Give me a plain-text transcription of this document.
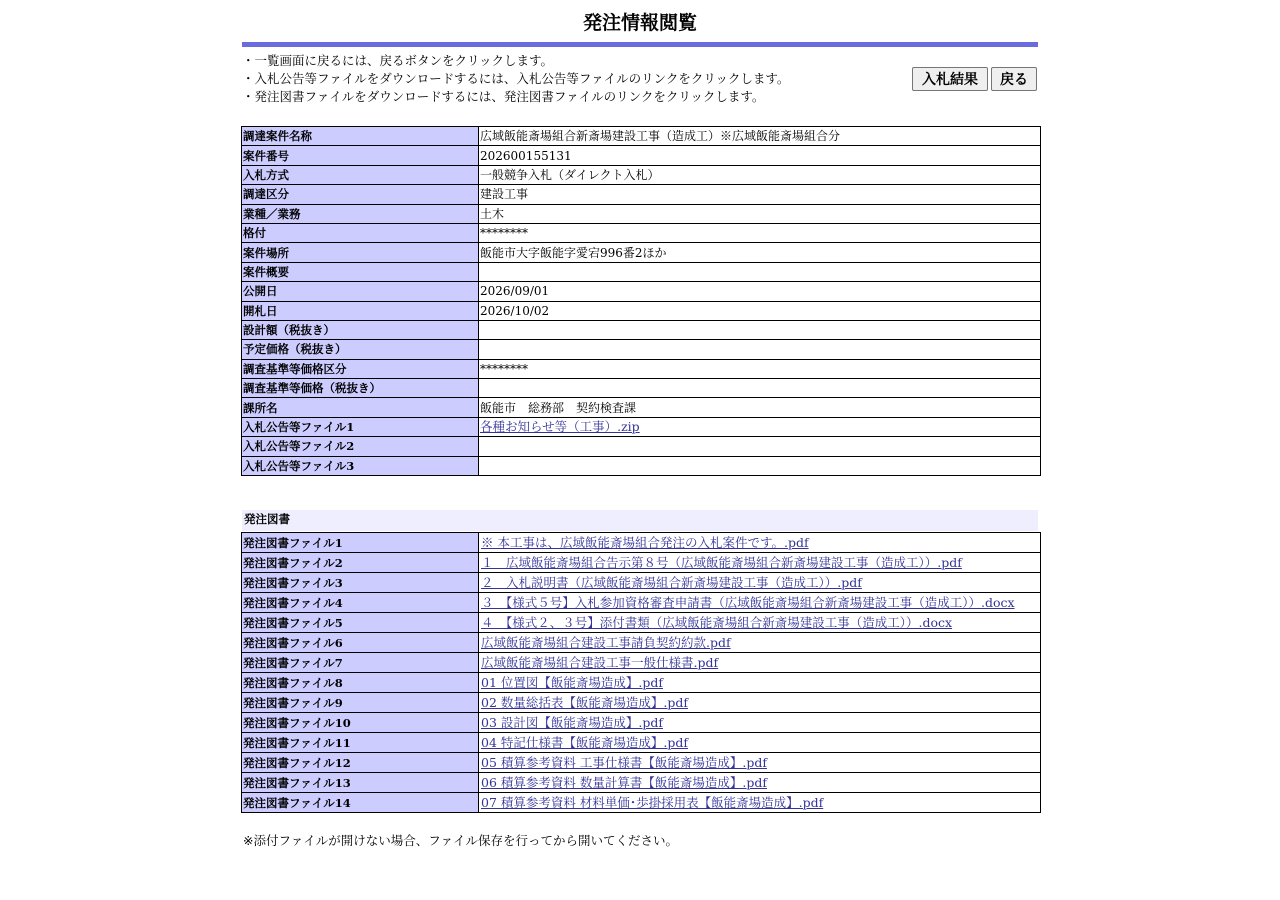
発注情報閲覧
・一覧画面に戻るには、戻るボタンをクリックします。
・入札公告等ファイルをダウンロードするには、入札公告等ファイルのリンクをクリックします。
・発注図書ファイルをダウンロードするには、発注図書ファイルのリンクをクリックします。
入札結果	戻る
調達案件名称	広域飯能斎場組合新斎場建設工事（造成工）※広域飯能斎場組合分
案件番号	202600155131
入札方式	一般競争入札（ダイレクト入札）
調達区分	建設工事
業種／業務	土木
格付	********
案件場所	飯能市大字飯能字愛宕996番2ほか
案件概要	
公開日	2026/09/01
開札日	2026/10/02
設計額（税抜き）	
予定価格（税抜き）	
調査基準等価格区分	********
調査基準等価格（税抜き）	
課所名	飯能市　総務部　契約検査課
入札公告等ファイル1	各種お知らせ等（工事）.zip
入札公告等ファイル2	
入札公告等ファイル3	
発注図書
発注図書ファイル1	※ 本工事は、広域飯能斎場組合発注の入札案件です。.pdf
発注図書ファイル2	１　広域飯能斎場組合告示第８号（広域飯能斎場組合新斎場建設工事（造成工））.pdf
発注図書ファイル3	２　入札説明書（広域飯能斎場組合新斎場建設工事（造成工））.pdf
発注図書ファイル4	３　【様式５号】入札参加資格審査申請書（広域飯能斎場組合新斎場建設工事（造成工））.docx
発注図書ファイル5	４　【様式２、３号】添付書類（広域飯能斎場組合新斎場建設工事（造成工））.docx
発注図書ファイル6	広域飯能斎場組合建設工事請負契約約款.pdf
発注図書ファイル7	広域飯能斎場組合建設工事一般仕様書.pdf
発注図書ファイル8	01 位置図【飯能斎場造成】.pdf
発注図書ファイル9	02 数量総括表【飯能斎場造成】.pdf
発注図書ファイル10	03 設計図【飯能斎場造成】.pdf
発注図書ファイル11	04 特記仕様書【飯能斎場造成】.pdf
発注図書ファイル12	05 積算参考資料 工事仕様書【飯能斎場造成】.pdf
発注図書ファイル13	06 積算参考資料 数量計算書【飯能斎場造成】.pdf
発注図書ファイル14	07 積算参考資料 材料単価･歩掛採用表【飯能斎場造成】.pdf
※添付ファイルが開けない場合、ファイル保存を行ってから開いてください。
